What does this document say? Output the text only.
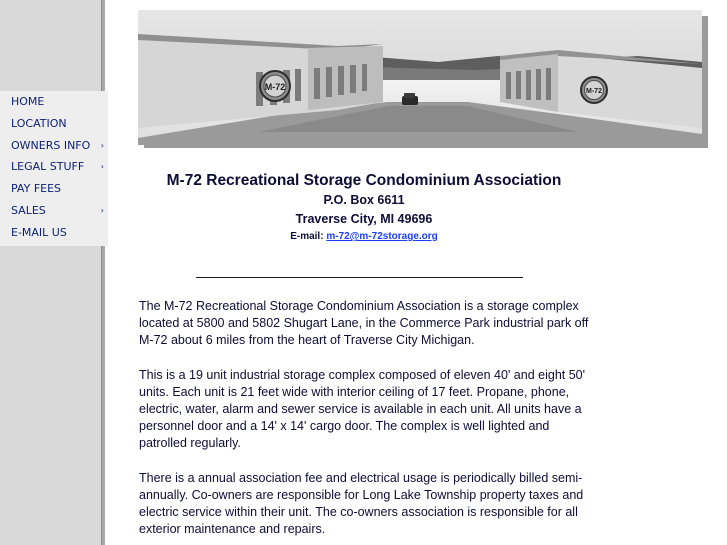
HOME
LOCATION
OWNERS INFO ›
LEGAL STUFF ›
PAY FEES
SALES	›
E-MAIL US
M-72	M-72
M-72 Recreational Storage Condominium Association
P.O. Box 6611
Traverse City, MI 49696
E-mail: m-72@m-72storage.org

The M-72 Recreational Storage Condominium Association is a storage complex located at 5800 and 5802 Shugart Lane, in the Commerce Park industrial park off M-72 about 6 miles from the heart of Traverse City Michigan.

This is a 19 unit industrial storage complex composed of eleven 40' and eight 50' units. Each unit is 21 feet wide with interior ceiling of 17 feet. Propane, phone, electric, water, alarm and sewer service is available in each unit. All units have a personnel door and a 14' x 14' cargo door. The complex is well lighted and patrolled regularly.

There is a annual association fee and electrical usage is periodically billed semi-annually. Co-owners are responsible for Long Lake Township property taxes and electric service within their unit. The co-owners association is responsible for all exterior maintenance and repairs.
